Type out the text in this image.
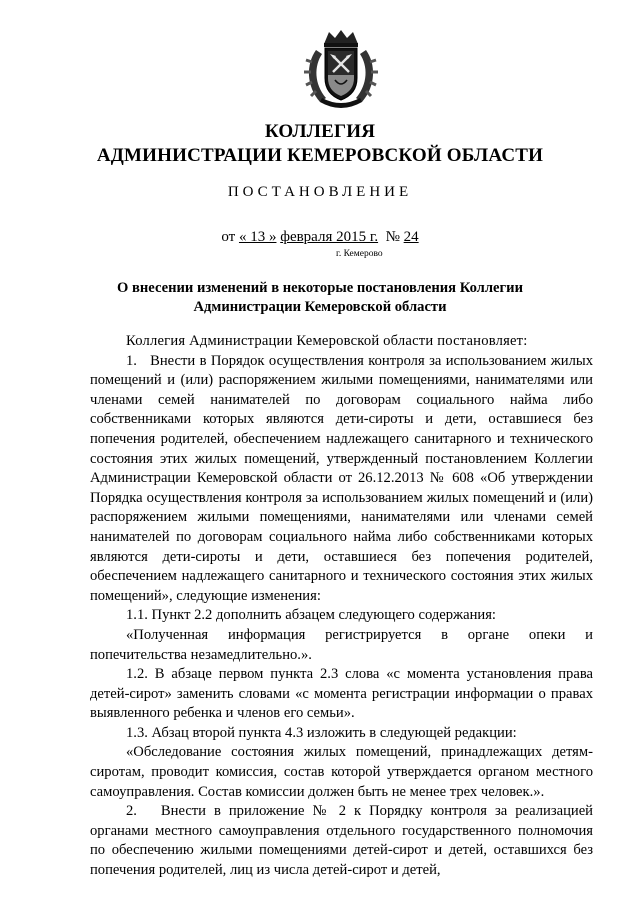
КОЛЛЕГИЯ
АДМИНИСТРАЦИИ КЕМЕРОВСКОЙ ОБЛАСТИ
ПОСТАНОВЛЕНИЕ
от « 13 » февраля 2015 г. № 24
г. Кемерово
О внесении изменений в некоторые постановления Коллегии
Администрации Кемеровской области

Коллегия Администрации Кемеровской области постановляет:

1.   Внести в Порядок осуществления контроля за использованием жилых помещений и (или) распоряжением жилыми помещениями, нанимателями или членами семей нанимателей по договорам социального найма либо собственниками которых являются дети-сироты и дети, оставшиеся без попечения родителей, обеспечением надлежащего санитарного и технического состояния этих жилых помещений, утвержденный постановлением Коллегии Администрации Кемеровской области от 26.12.2013 № 608 «Об утверждении Порядка осуществления контроля за использованием жилых помещений и (или) распоряжением жилыми помещениями, нанимателями или членами семей нанимателей по договорам социального найма либо собственниками которых являются дети-сироты и дети, оставшиеся без попечения родителей, обеспечением надлежащего санитарного и технического состояния этих жилых помещений», следующие изменения:

1.1. Пункт 2.2 дополнить абзацем следующего содержания:

«Полученная информация регистрируется в органе опеки и попечительства незамедлительно.».

1.2. В абзаце первом пункта 2.3 слова «с момента установления права детей-сирот» заменить словами «с момента регистрации информации о правах выявленного ребенка и членов его семьи».

1.3. Абзац второй пункта 4.3 изложить в следующей редакции:

«Обследование состояния жилых помещений, принадлежащих детям-сиротам, проводит комиссия, состав которой утверждается органом местного самоуправления. Состав комиссии должен быть не менее трех человек.».

2.   Внести в приложение № 2 к Порядку контроля за реализацией органами местного самоуправления отдельного государственного полномочия по обеспечению жилыми помещениями детей-сирот и детей, оставшихся без попечения родителей, лиц из числа детей-сирот и детей,
